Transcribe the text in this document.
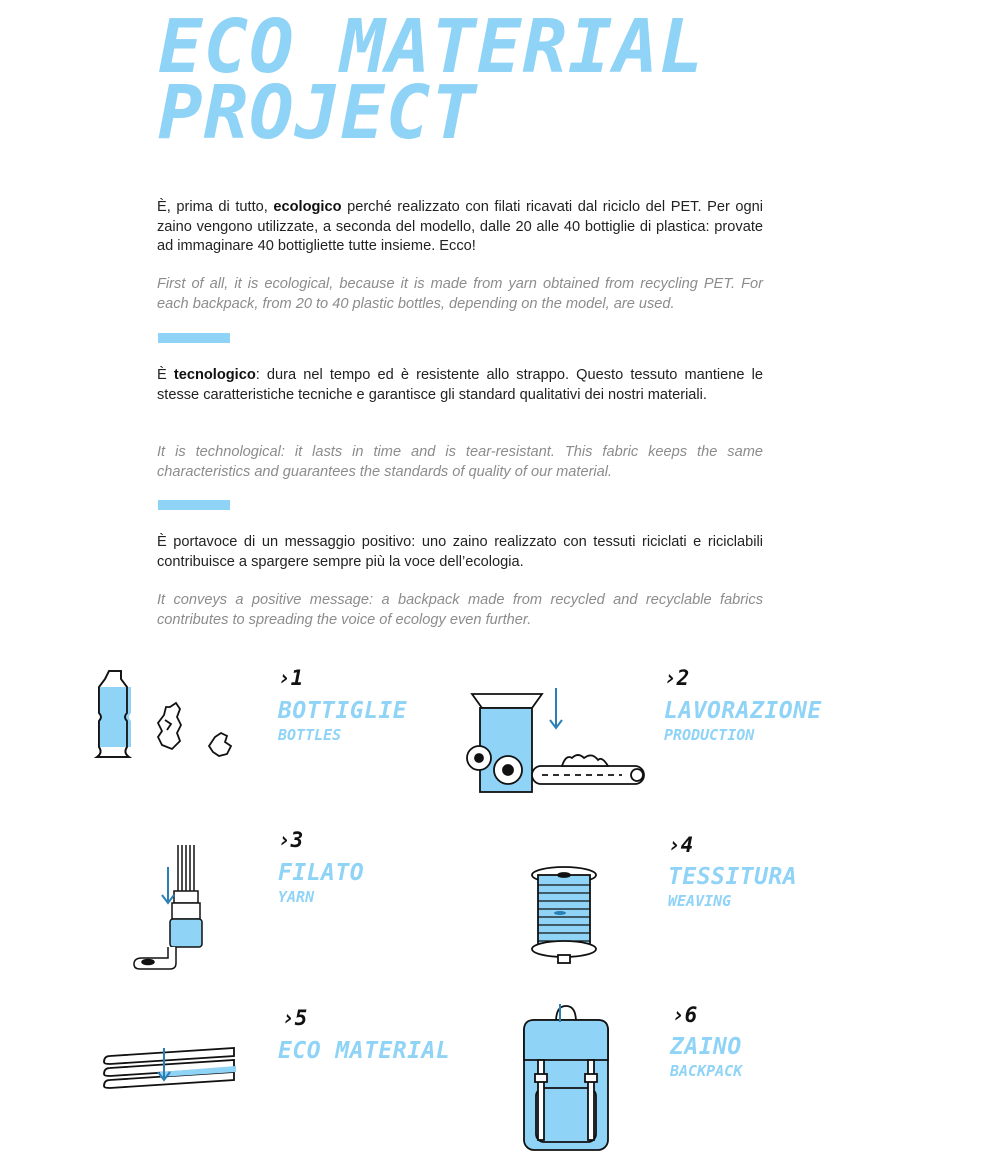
ECO MATERIAL
PROJECT

È, prima di tutto, ecologico perché realizzato con filati ricavati dal riciclo del PET. Per ogni zaino vengono utilizzate, a seconda del modello, dalle 20 alle 40 bottiglie di plastica: provate ad immaginare 40 bottigliette tutte insieme. Ecco!

First of all, it is ecological, because it is made from yarn obtained from recycling PET. For each backpack, from 20 to 40 plastic bottles, depending on the model, are used.

È tecnologico: dura nel tempo ed è resistente allo strappo. Questo tessuto mantiene le stesse caratteristiche tecniche e garantisce gli standard qualitativi dei nostri materiali.

It is technological: it lasts in time and is tear-resistant. This fabric keeps the same characteristics and guarantees the standards of quality of our material.

È portavoce di un messaggio positivo: uno zaino realizzato con tessuti riciclati e riciclabili contribuisce a spargere sempre più la voce dell’ecologia.

It conveys a positive message: a backpack made from recycled and recyclable fabrics contributes to spreading the voice of ecology even further.

›1

BOTTIGLIE

BOTTLES

›2

LAVORAZIONE

PRODUCTION

›3

FILATO

YARN

›4

TESSITURA

WEAVING

›5

ECO MATERIAL

›6

ZAINO

BACKPACK
